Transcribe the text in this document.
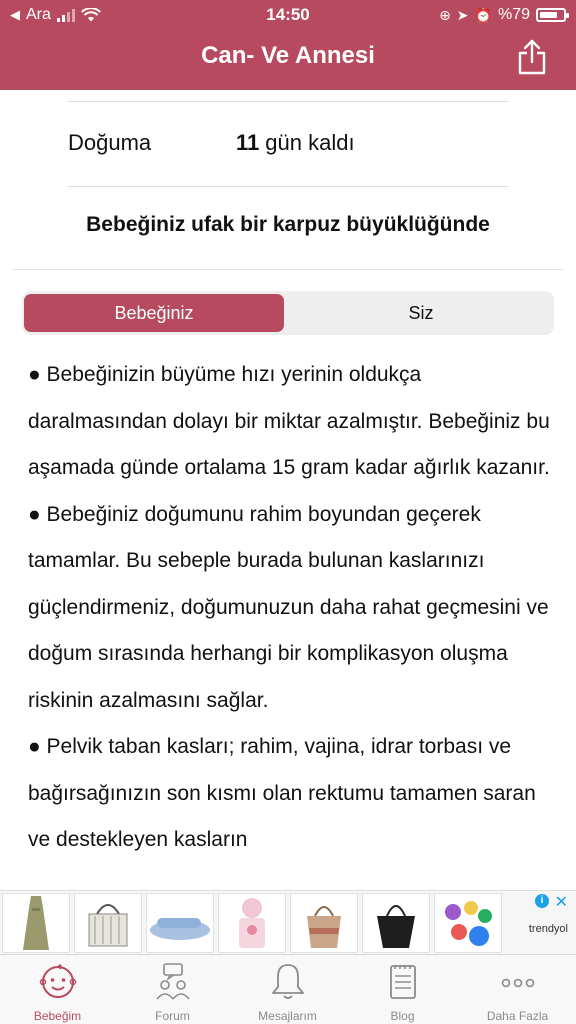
◀ Ara	14:50	⊕ ➤ ⏰ %79
Can- Ve Annesi
Doğuma	11 gün kaldı
Bebeğiniz ufak bir karpuz büyüklüğünde
Bebeğiniz	Siz

● Bebeğinizin büyüme hızı yerinin oldukça daralmasından dolayı bir miktar azalmıştır. Bebeğiniz bu aşamada günde ortalama 15 gram kadar ağırlık kazanır.

● Bebeğiniz doğumunu rahim boyundan geçerek tamamlar. Bu sebeple burada bulunan kaslarınızı güçlendirmeniz, doğumunuzun daha rahat geçmesini ve doğum sırasında herhangi bir komplikasyon oluşma riskinin azalmasını sağlar.

● Pelvik taban kasları; rahim, vajina, idrar torbası ve bağırsağınızın son kısmı olan rektumu tamamen saran ve destekleyen kasların

i ✕
trendyol
Bebeğim	Forum	Mesajlarım	Blog	Daha Fazla
